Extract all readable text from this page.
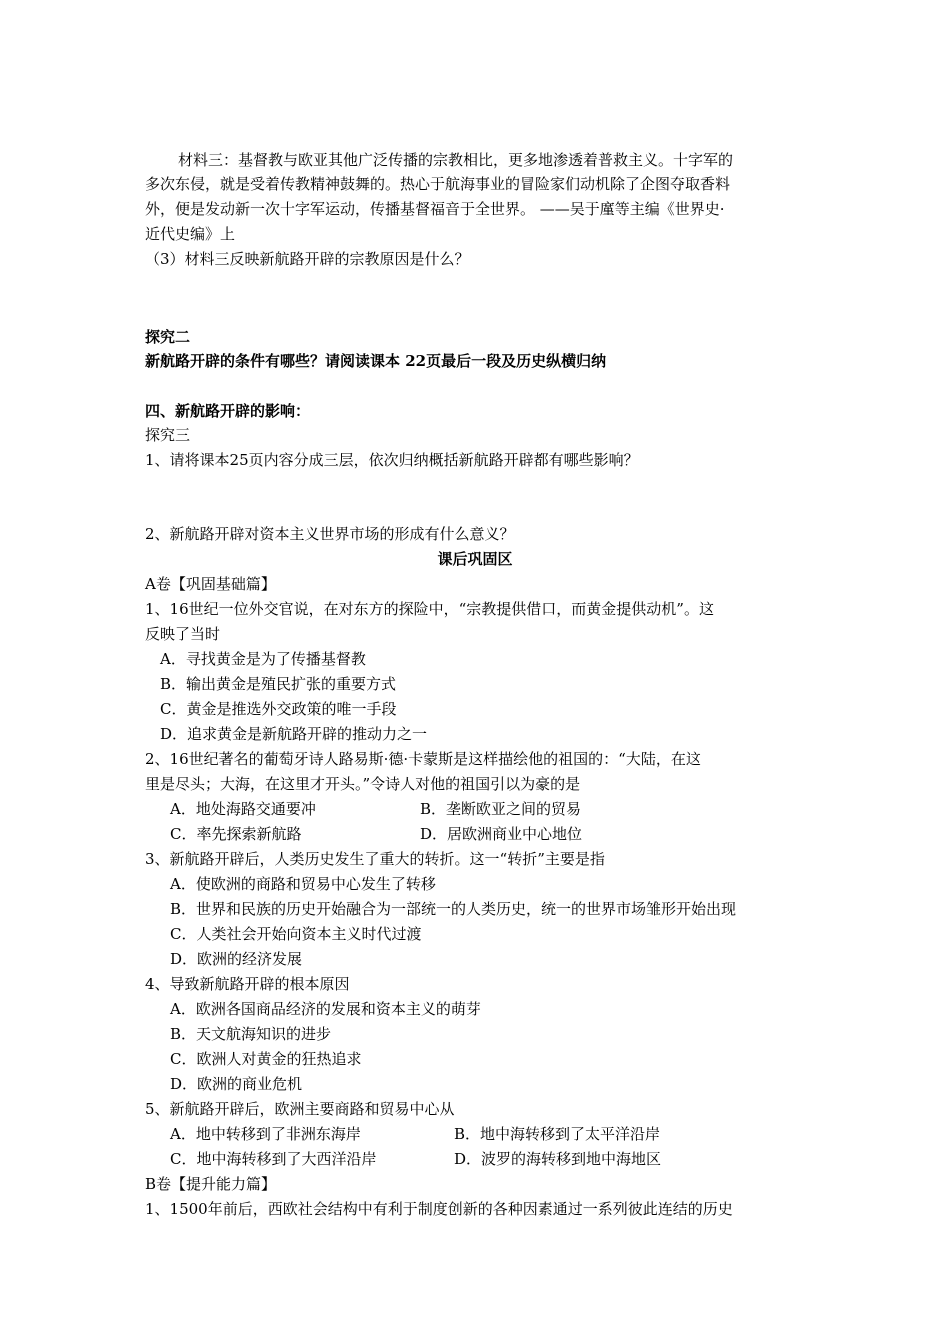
材料三：基督教与欧亚其他广泛传播的宗教相比，更多地渗透着普救主义。十字军的
多次东侵，就是受着传教精神鼓舞的。热心于航海事业的冒险家们动机除了企图夺取香料
外，便是发动新一次十字军运动，传播基督福音于全世界。 ——吴于廑等主编《世界史·
近代史编》上
（3）材料三反映新航路开辟的宗教原因是什么？
探究二
新航路开辟的条件有哪些？请阅读课本 22页最后一段及历史纵横归纳
四、新航路开辟的影响：
探究三
1、请将课本25页内容分成三层，依次归纳概括新航路开辟都有哪些影响？
2、新航路开辟对资本主义世界市场的形成有什么意义？
课后巩固区
A卷【巩固基础篇】
1、16世纪一位外交官说，在对东方的探险中，“宗教提供借口，而黄金提供动机”。这
反映了当时
A．寻找黄金是为了传播基督教
B．输出黄金是殖民扩张的重要方式
C．黄金是推选外交政策的唯一手段
D．追求黄金是新航路开辟的推动力之一
2、16世纪著名的葡萄牙诗人路易斯·德·卡蒙斯是这样描绘他的祖国的：“大陆，在这
里是尽头；大海，在这里才开头。”令诗人对他的祖国引以为豪的是
A．地处海路交通要冲	B．垄断欧亚之间的贸易
C．率先探索新航路	D．居欧洲商业中心地位
3、新航路开辟后，人类历史发生了重大的转折。这一“转折”主要是指
A．使欧洲的商路和贸易中心发生了转移
B．世界和民族的历史开始融合为一部统一的人类历史，统一的世界市场雏形开始出现
C．人类社会开始向资本主义时代过渡
D．欧洲的经济发展
4、导致新航路开辟的根本原因
A．欧洲各国商品经济的发展和资本主义的萌芽
B．天文航海知识的进步
C．欧洲人对黄金的狂热追求
D．欧洲的商业危机
5、新航路开辟后，欧洲主要商路和贸易中心从
A．地中转移到了非洲东海岸	B．地中海转移到了太平洋沿岸
C．地中海转移到了大西洋沿岸	D．波罗的海转移到地中海地区
B卷【提升能力篇】
1、1500年前后，西欧社会结构中有利于制度创新的各种因素通过一系列彼此连结的历史
